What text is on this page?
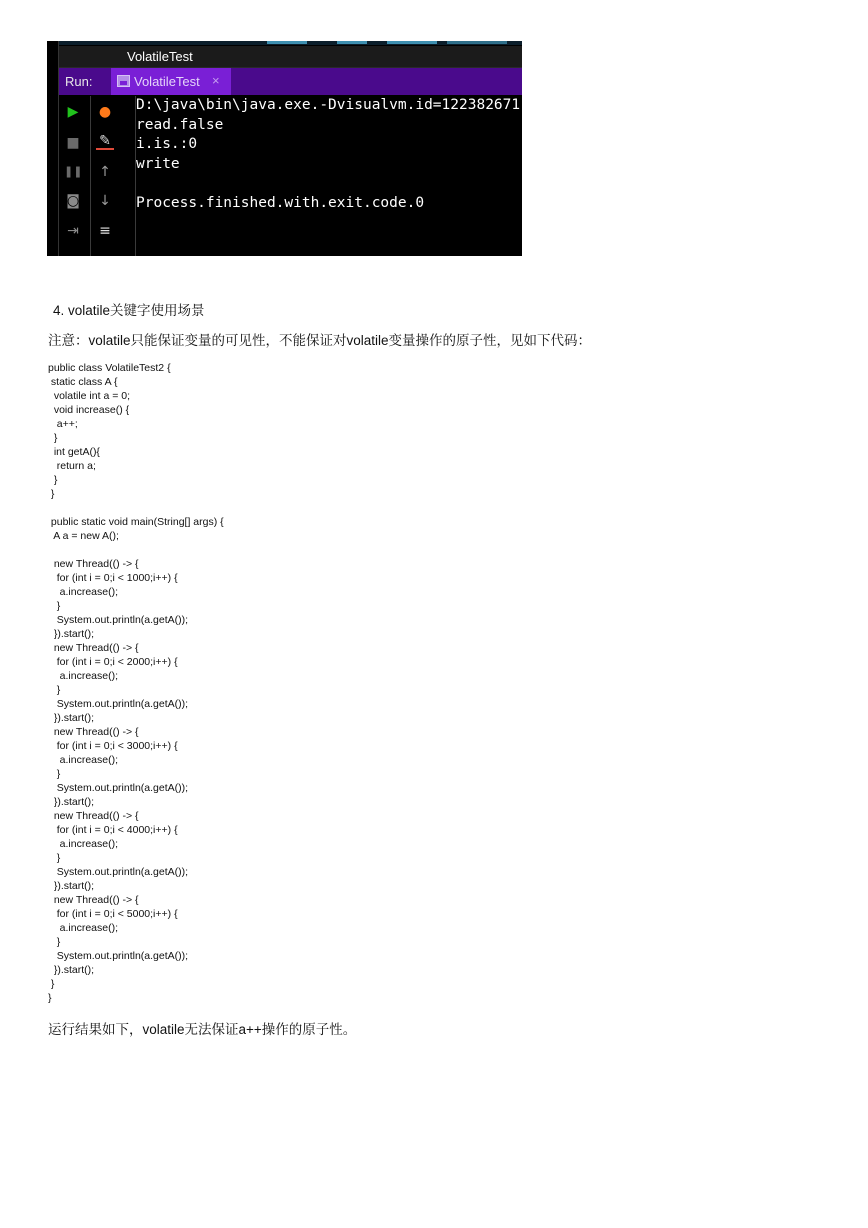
VolatileTest
Run:	VolatileTest ×
▶
■
❚❚
◙
⇥
●
✎
↑
↓
≡
D:\java\bin\java.exe.-Dvisualvm.id=122382671
read.false
i.is.:0
write
Process.finished.with.exit.code.0
4. volatile关键字使用场景
注意：volatile只能保证变量的可见性，不能保证对volatile变量操作的原子性，见如下代码：
public class VolatileTest2 {
static class A {
volatile int a = 0;
void increase() {
a++;
}
int getA(){
return a;
}
}
public static void main(String[] args) {
A a = new A();
new Thread(() -> {
for (int i = 0;i < 1000;i++) {
a.increase();
}
System.out.println(a.getA());
}).start();
new Thread(() -> {
for (int i = 0;i < 2000;i++) {
a.increase();
}
System.out.println(a.getA());
}).start();
new Thread(() -> {
for (int i = 0;i < 3000;i++) {
a.increase();
}
System.out.println(a.getA());
}).start();
new Thread(() -> {
for (int i = 0;i < 4000;i++) {
a.increase();
}
System.out.println(a.getA());
}).start();
new Thread(() -> {
for (int i = 0;i < 5000;i++) {
a.increase();
}
System.out.println(a.getA());
}).start();
}
}
运行结果如下，volatile无法保证a++操作的原子性。
